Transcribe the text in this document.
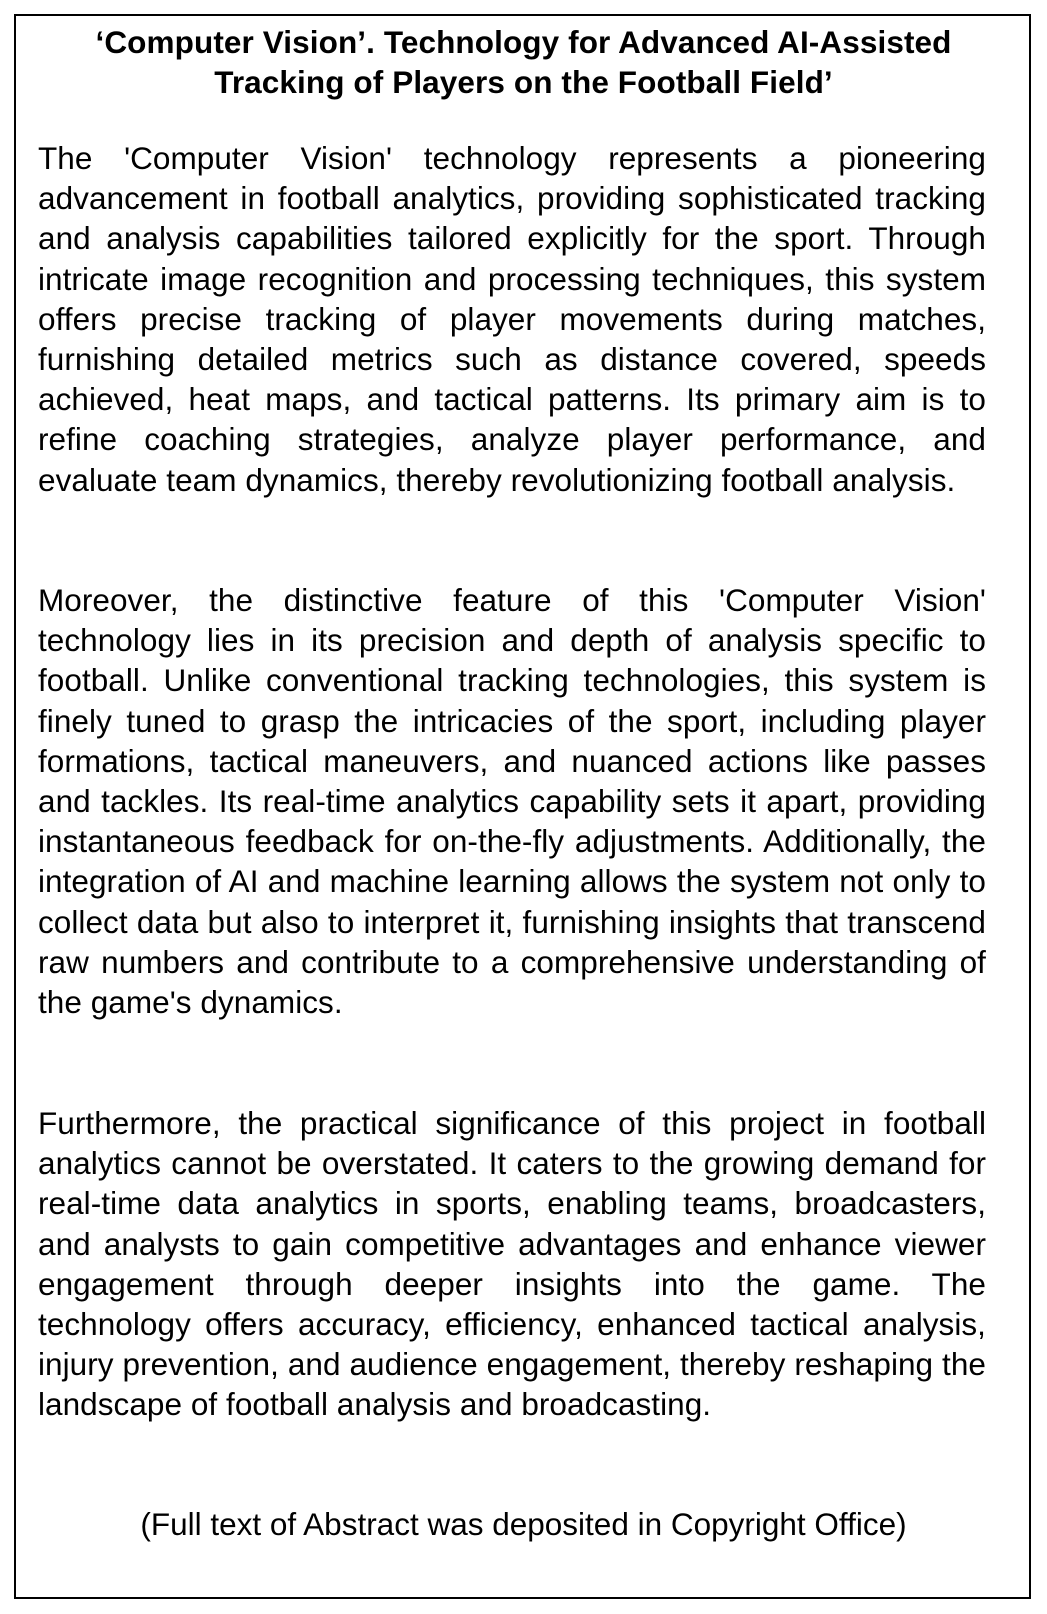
‘Computer Vision’. Technology for Advanced AI-Assisted Tracking of Players on the Football Field’

The 'Computer Vision' technology represents a pioneering advancement in football analytics, providing sophisticated tracking and analysis capabilities tailored explicitly for the sport. Through intricate image recognition and processing techniques, this system offers precise tracking of player movements during matches, furnishing detailed metrics such as distance covered, speeds achieved, heat maps, and tactical patterns. Its primary aim is to refine coaching strategies, analyze player performance, and evaluate team dynamics, thereby revolutionizing football analysis.

Moreover, the distinctive feature of this 'Computer Vision' technology lies in its precision and depth of analysis specific to football. Unlike conventional tracking technologies, this system is finely tuned to grasp the intricacies of the sport, including player formations, tactical maneuvers, and nuanced actions like passes and tackles. Its real-time analytics capability sets it apart, providing instantaneous feedback for on-the-fly adjustments. Additionally, the integration of AI and machine learning allows the system not only to collect data but also to interpret it, furnishing insights that transcend raw numbers and contribute to a comprehensive understanding of the game's dynamics.

Furthermore, the practical significance of this project in football analytics cannot be overstated. It caters to the growing demand for real-time data analytics in sports, enabling teams, broadcasters, and analysts to gain competitive advantages and enhance viewer engagement through deeper insights into the game. The technology offers accuracy, efficiency, enhanced tactical analysis, injury prevention, and audience engagement, thereby reshaping the landscape of football analysis and broadcasting.

(Full text of Abstract was deposited in Copyright Office)
